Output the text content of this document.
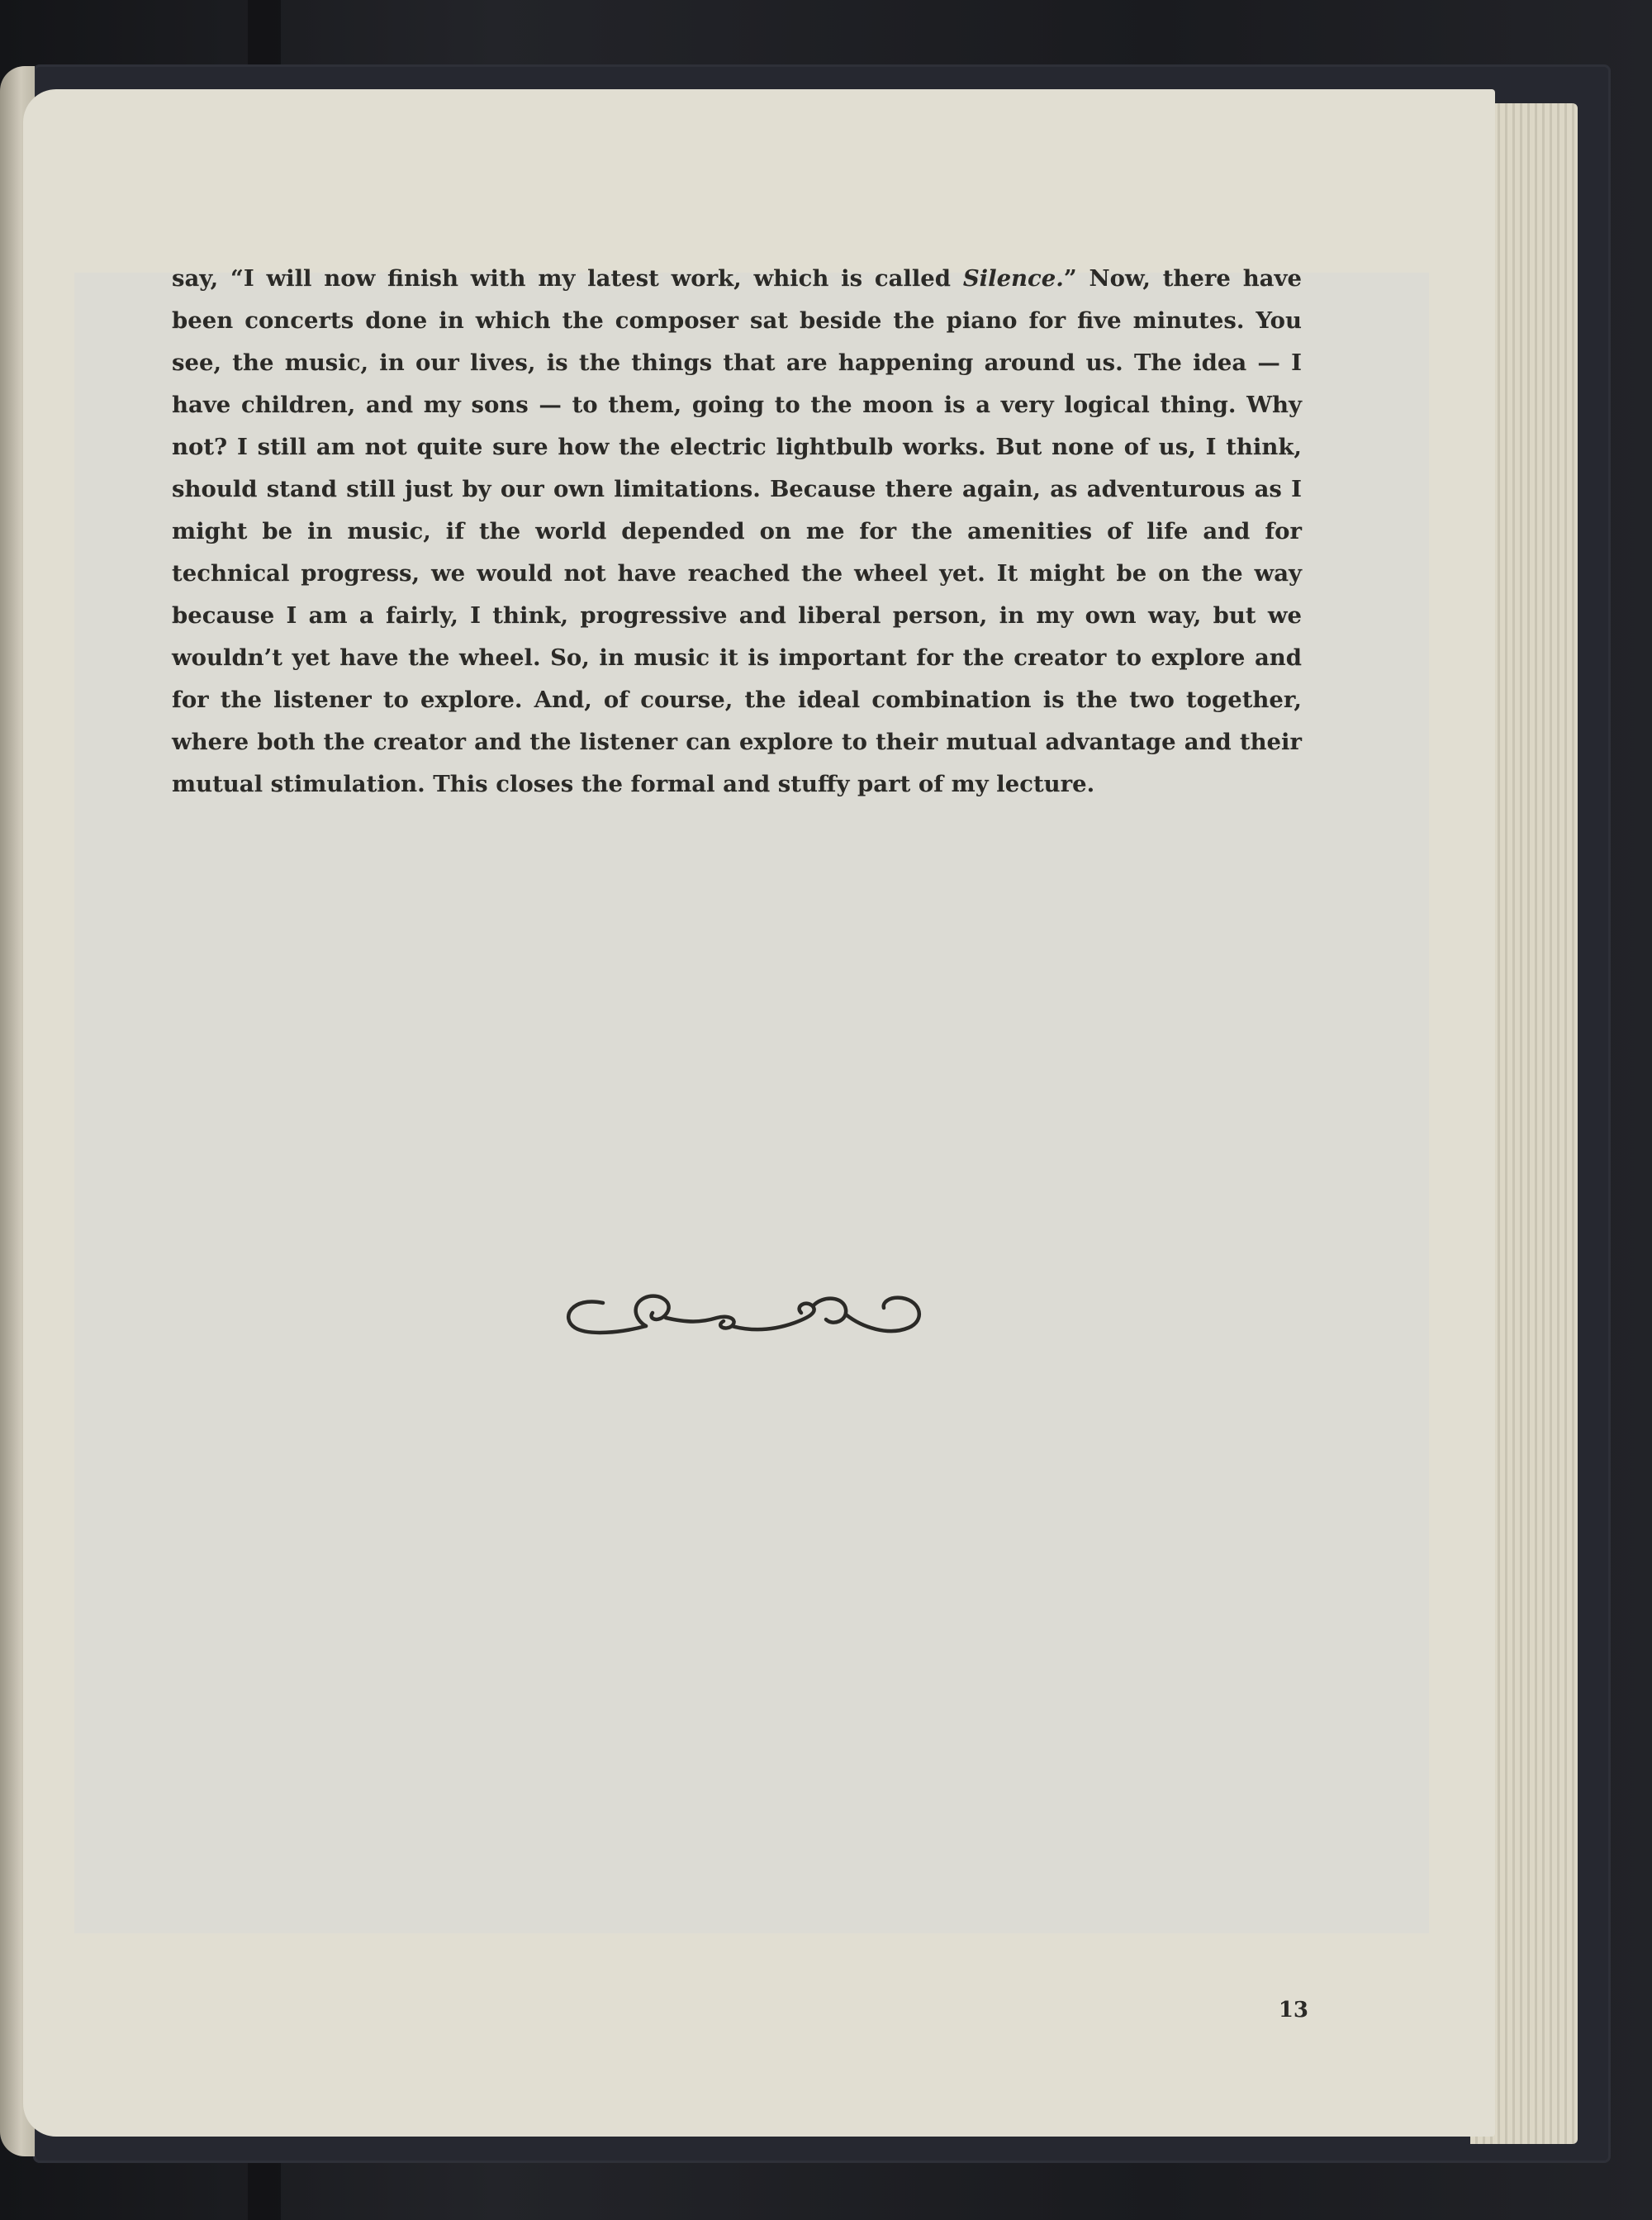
say, “I will now finish with my latest work, which is called Silence.” Now, there have been concerts done in which the composer sat beside the piano for five minutes. You see, the music, in our lives, is the things that are happening around us. The idea — I have children, and my sons — to them, going to the moon is a very logical thing. Why not? I still am not quite sure how the electric lightbulb works. But none of us, I think, should stand still just by our own limitations. Because there again, as adventurous as I might be in music, if the world depended on me for the amenities of life and for technical progress, we would not have reached the wheel yet. It might be on the way because I am a fairly, I think, progressive and liberal person, in my own way, but we wouldn’t yet have the wheel. So, in music it is important for the creator to explore and for the listener to explore. And, of course, the ideal combination is the two together, where both the creator and the listener can explore to their mutual advantage and their mutual stimulation. This closes the formal and stuffy part of my lecture.

13
